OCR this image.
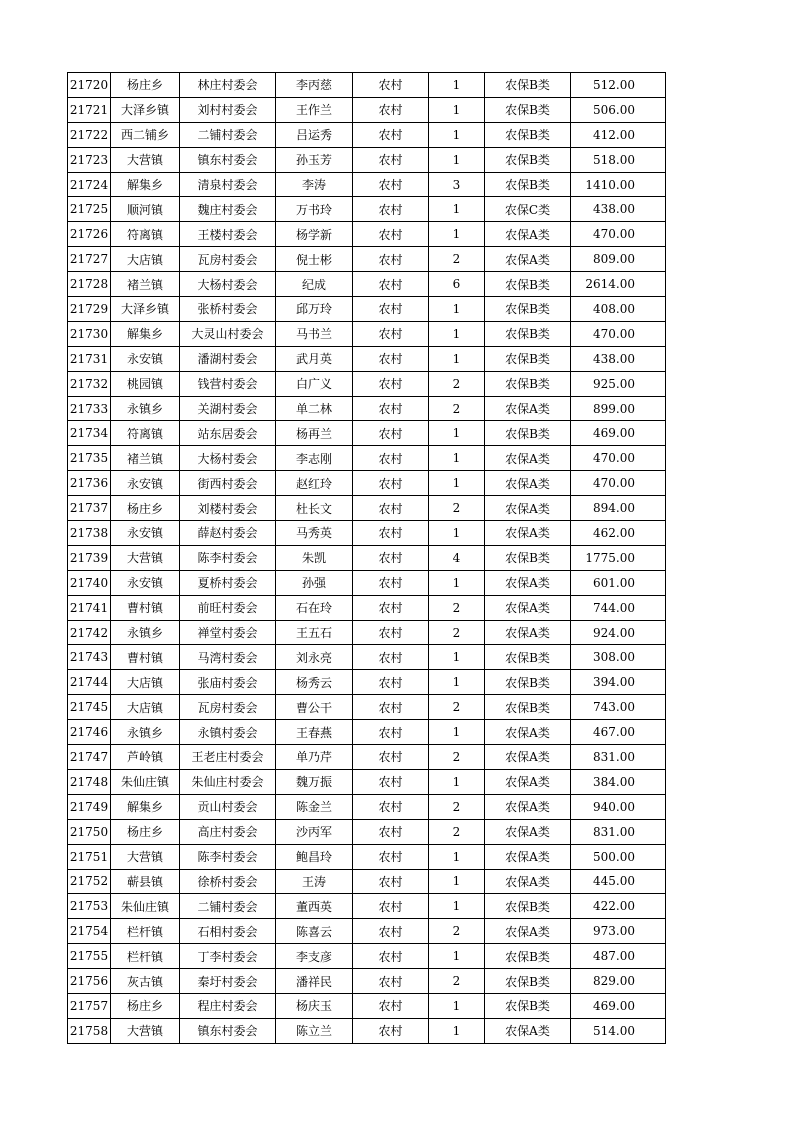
21720	杨庄乡	林庄村委会	李丙慈	农村	1	农保B类	512.00
21721	大泽乡镇	刘村村委会	王作兰	农村	1	农保B类	506.00
21722	西二铺乡	二铺村委会	吕运秀	农村	1	农保B类	412.00
21723	大营镇	镇东村委会	孙玉芳	农村	1	农保B类	518.00
21724	解集乡	清泉村委会	李涛	农村	3	农保B类	1410.00
21725	顺河镇	魏庄村委会	万书玲	农村	1	农保C类	438.00
21726	符离镇	王楼村委会	杨学新	农村	1	农保A类	470.00
21727	大店镇	瓦房村委会	倪士彬	农村	2	农保A类	809.00
21728	褚兰镇	大杨村委会	纪成	农村	6	农保B类	2614.00
21729	大泽乡镇	张桥村委会	邱万玲	农村	1	农保B类	408.00
21730	解集乡	大灵山村委会	马书兰	农村	1	农保B类	470.00
21731	永安镇	潘湖村委会	武月英	农村	1	农保B类	438.00
21732	桃园镇	钱营村委会	白广义	农村	2	农保B类	925.00
21733	永镇乡	关湖村委会	单二林	农村	2	农保A类	899.00
21734	符离镇	站东居委会	杨再兰	农村	1	农保B类	469.00
21735	褚兰镇	大杨村委会	李志刚	农村	1	农保A类	470.00
21736	永安镇	街西村委会	赵红玲	农村	1	农保A类	470.00
21737	杨庄乡	刘楼村委会	杜长文	农村	2	农保A类	894.00
21738	永安镇	薛赵村委会	马秀英	农村	1	农保A类	462.00
21739	大营镇	陈李村委会	朱凯	农村	4	农保B类	1775.00
21740	永安镇	夏桥村委会	孙强	农村	1	农保A类	601.00
21741	曹村镇	前旺村委会	石在玲	农村	2	农保A类	744.00
21742	永镇乡	禅堂村委会	王五石	农村	2	农保A类	924.00
21743	曹村镇	马湾村委会	刘永亮	农村	1	农保B类	308.00
21744	大店镇	张庙村委会	杨秀云	农村	1	农保B类	394.00
21745	大店镇	瓦房村委会	曹公干	农村	2	农保B类	743.00
21746	永镇乡	永镇村委会	王春燕	农村	1	农保A类	467.00
21747	芦岭镇	王老庄村委会	单乃芹	农村	2	农保A类	831.00
21748	朱仙庄镇	朱仙庄村委会	魏万振	农村	1	农保A类	384.00
21749	解集乡	贡山村委会	陈金兰	农村	2	农保A类	940.00
21750	杨庄乡	高庄村委会	沙丙军	农村	2	农保A类	831.00
21751	大营镇	陈李村委会	鲍昌玲	农村	1	农保A类	500.00
21752	蕲县镇	徐桥村委会	王涛	农村	1	农保A类	445.00
21753	朱仙庄镇	二铺村委会	董西英	农村	1	农保B类	422.00
21754	栏杆镇	石相村委会	陈喜云	农村	2	农保A类	973.00
21755	栏杆镇	丁李村委会	李支彦	农村	1	农保B类	487.00
21756	灰古镇	秦圩村委会	潘祥民	农村	2	农保B类	829.00
21757	杨庄乡	程庄村委会	杨庆玉	农村	1	农保B类	469.00
21758	大营镇	镇东村委会	陈立兰	农村	1	农保A类	514.00
